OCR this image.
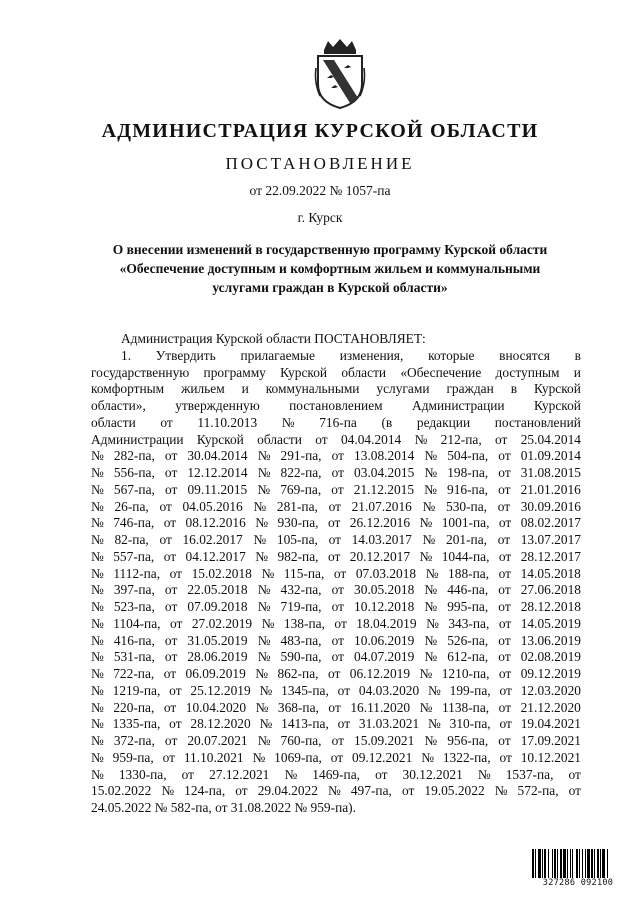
АДМИНИСТРАЦИЯ КУРСКОЙ ОБЛАСТИ
ПОСТАНОВЛЕНИЕ
от 22.09.2022 № 1057-па
г. Курск
О внесении изменений в государственную программу Курской области
«Обеспечение доступным и комфортным жильем и коммунальными
услугами граждан в Курской области»
Администрация Курской области ПОСТАНОВЛЯЕТ:
1. Утвердить прилагаемые изменения, которые вносятся в
государственную программу Курской области «Обеспечение доступным и
комфортным жильем и коммунальными услугами граждан в Курской
области», утвержденную постановлением Администрации Курской
области от 11.10.2013 № 716-па (в редакции постановлений
Администрации Курской области от 04.04.2014 № 212-па, от 25.04.2014
№ 282-па, от 30.04.2014 № 291-па, от 13.08.2014 № 504-па, от 01.09.2014
№ 556-па, от 12.12.2014 № 822-па, от 03.04.2015 № 198-па, от 31.08.2015
№ 567-па, от 09.11.2015 № 769-па, от 21.12.2015 № 916-па, от 21.01.2016
№ 26-па, от 04.05.2016 № 281-па, от 21.07.2016 № 530-па, от 30.09.2016
№ 746-па, от 08.12.2016 № 930-па, от 26.12.2016 № 1001-па, от 08.02.2017
№ 82-па, от 16.02.2017 № 105-па, от 14.03.2017 № 201-па, от 13.07.2017
№ 557-па, от 04.12.2017 № 982-па, от 20.12.2017 № 1044-па, от 28.12.2017
№ 1112-па, от 15.02.2018 № 115-па, от 07.03.2018 № 188-па, от 14.05.2018
№ 397-па, от 22.05.2018 № 432-па, от 30.05.2018 № 446-па, от 27.06.2018
№ 523-па, от 07.09.2018 № 719-па, от 10.12.2018 № 995-па, от 28.12.2018
№ 1104-па, от 27.02.2019 № 138-па, от 18.04.2019 № 343-па, от 14.05.2019
№ 416-па, от 31.05.2019 № 483-па, от 10.06.2019 № 526-па, от 13.06.2019
№ 531-па, от 28.06.2019 № 590-па, от 04.07.2019 № 612-па, от 02.08.2019
№ 722-па, от 06.09.2019 № 862-па, от 06.12.2019 № 1210-па, от 09.12.2019
№ 1219-па, от 25.12.2019 № 1345-па, от 04.03.2020 № 199-па, от 12.03.2020
№ 220-па, от 10.04.2020 № 368-па, от 16.11.2020 № 1138-па, от 21.12.2020
№ 1335-па, от 28.12.2020 № 1413-па, от 31.03.2021 № 310-па, от 19.04.2021
№ 372-па, от 20.07.2021 № 760-па, от 15.09.2021 № 956-па, от 17.09.2021
№ 959-па, от 11.10.2021 № 1069-па, от 09.12.2021 № 1322-па, от 10.12.2021
№ 1330-па, от 27.12.2021 № 1469-па, от 30.12.2021 № 1537-па, от
15.02.2022 № 124-па, от 29.04.2022 № 497-па, от 19.05.2022 № 572-па, от
24.05.2022 № 582-па, от 31.08.2022 № 959-па).
327286 092100
